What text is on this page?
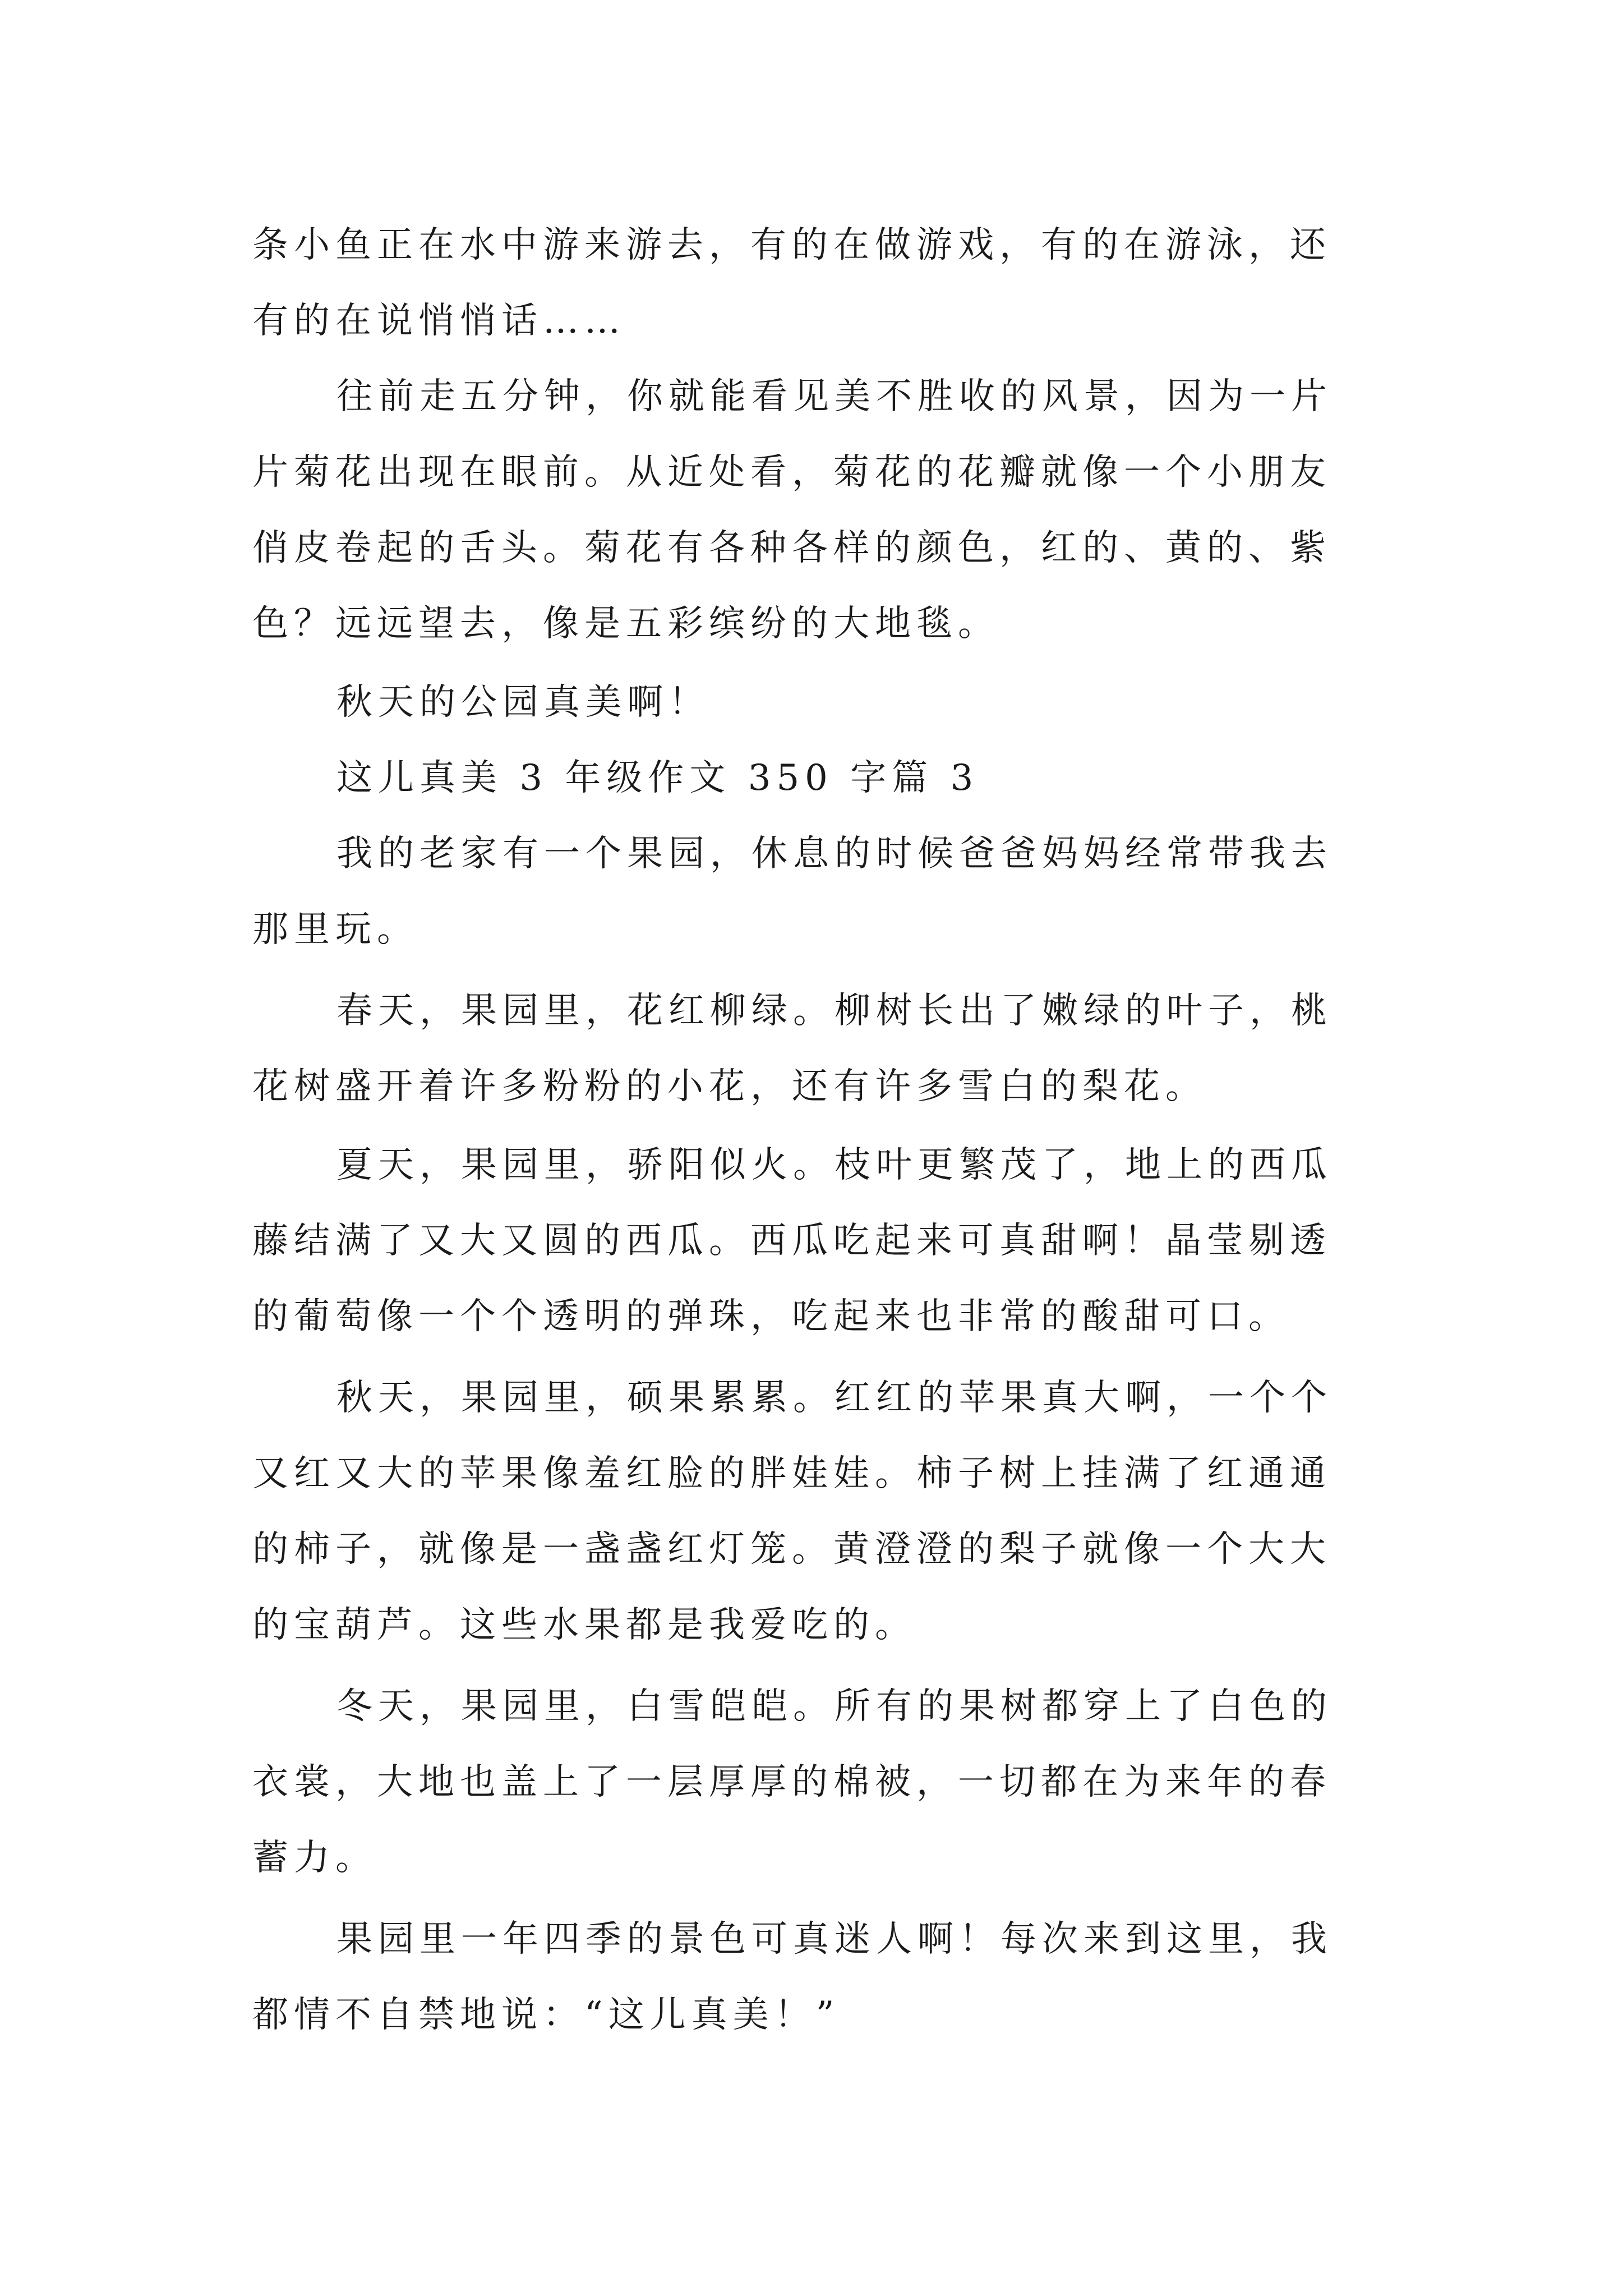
条小鱼正在水中游来游去，有的在做游戏，有的在游泳，还
有的在说悄悄话……
往前走五分钟，你就能看见美不胜收的风景，因为一片
片菊花出现在眼前。从近处看，菊花的花瓣就像一个小朋友
俏皮卷起的舌头。菊花有各种各样的颜色，红的、黄的、紫
色？远远望去，像是五彩缤纷的大地毯。
秋天的公园真美啊！
这儿真美 3 年级作文 350 字篇 3
我的老家有一个果园，休息的时候爸爸妈妈经常带我去
那里玩。
春天，果园里，花红柳绿。柳树长出了嫩绿的叶子，桃
花树盛开着许多粉粉的小花，还有许多雪白的梨花。
夏天，果园里，骄阳似火。枝叶更繁茂了，地上的西瓜
藤结满了又大又圆的西瓜。西瓜吃起来可真甜啊！晶莹剔透
的葡萄像一个个透明的弹珠，吃起来也非常的酸甜可口。
秋天，果园里，硕果累累。红红的苹果真大啊，一个个
又红又大的苹果像羞红脸的胖娃娃。柿子树上挂满了红通通
的柿子，就像是一盏盏红灯笼。黄澄澄的梨子就像一个大大
的宝葫芦。这些水果都是我爱吃的。
冬天，果园里，白雪皑皑。所有的果树都穿上了白色的
衣裳，大地也盖上了一层厚厚的棉被，一切都在为来年的春
蓄力。
果园里一年四季的景色可真迷人啊！每次来到这里，我
都情不自禁地说：“这儿真美！”
